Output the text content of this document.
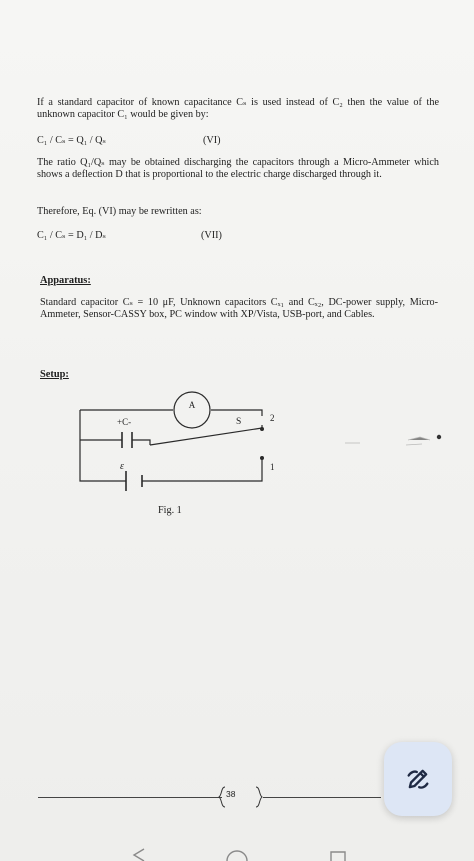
If a standard capacitor of known capacitance Cₛ is used instead of C₂ then the value of the unknown capacitor C₁ would be given by:

C₁ / Cₛ = Q₁ / Qₛ	(VI)

The ratio Q₁/Qₛ may be obtained discharging the capacitors through a Micro-Ammeter which shows a deflection D that is proportional to the electric charge discharged through it.

Therefore, Eq. (VI) may be rewritten as:
C₁ / Cₛ = D₁ / Dₛ	(VII)
Apparatus:

Standard capacitor Cₛ = 10 μF, Unknown capacitors Cₓ₁ and Cₓ₂, DC-power supply, Micro-Ammeter, Sensor-CASSY box, PC window with XP/Vista, USB-port, and Cables.

Setup:
A
+C-
ε
S	2
1
Fig. 1
38
